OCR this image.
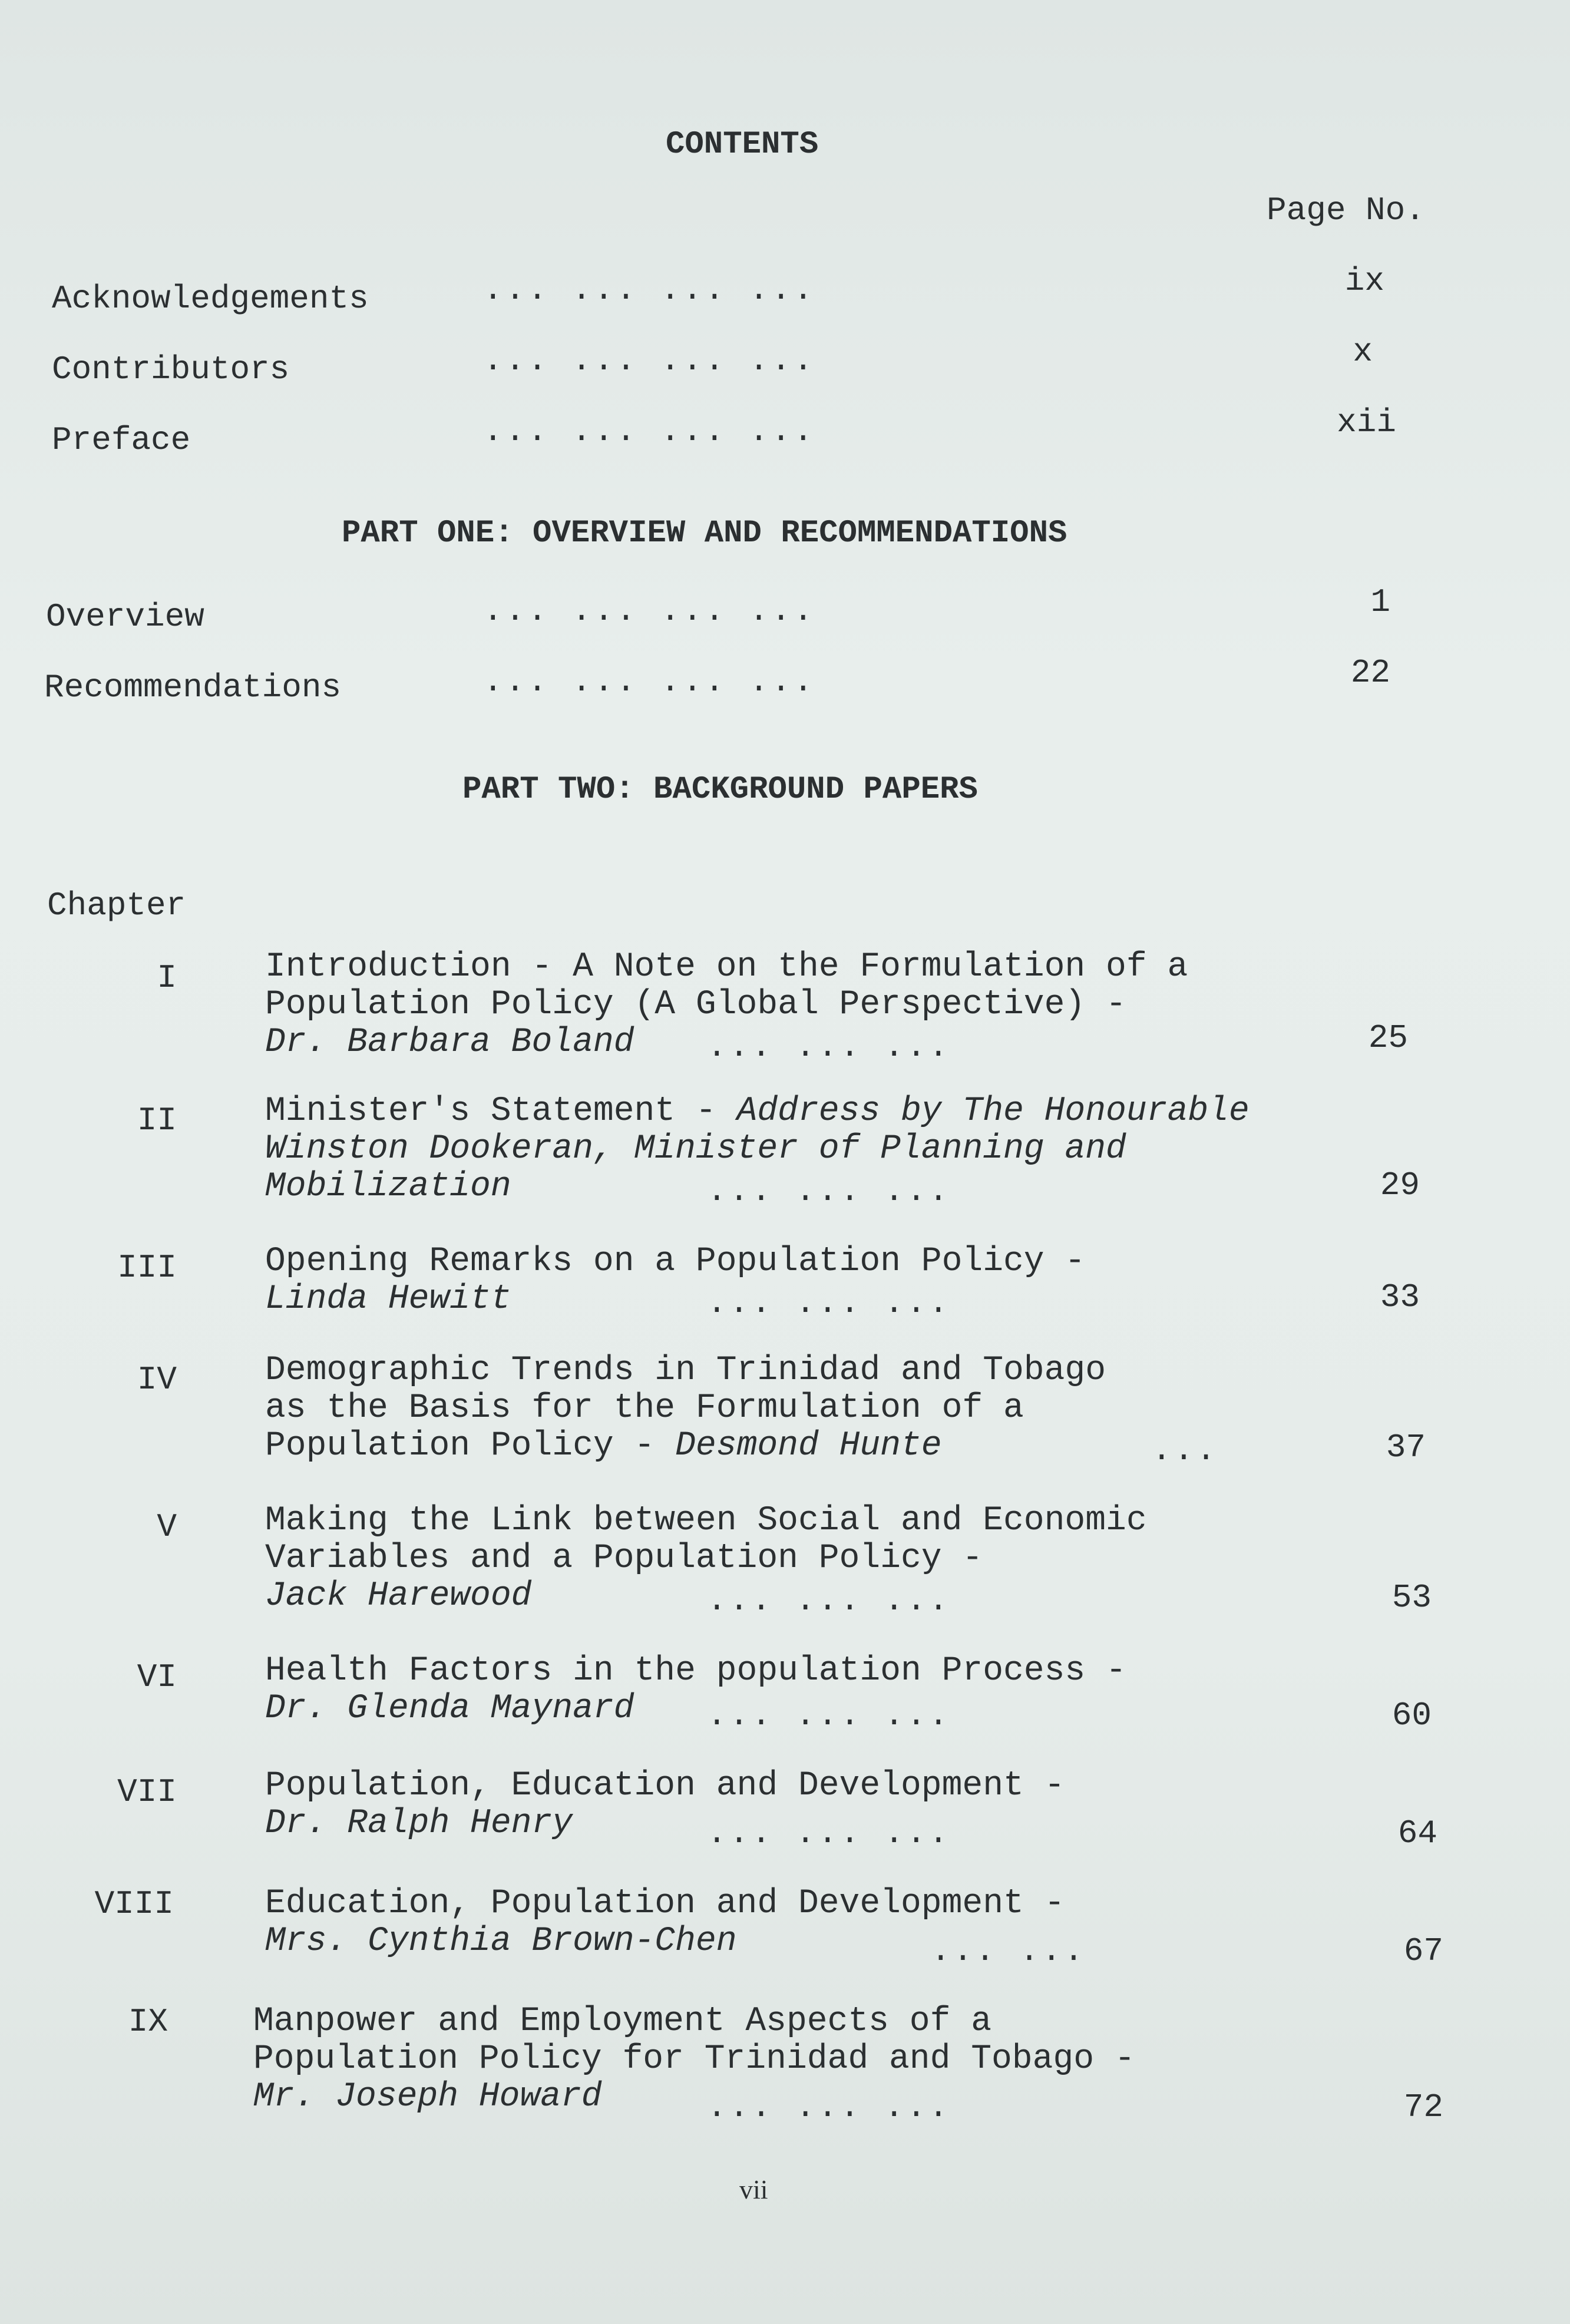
CONTENTS
Page No.
Acknowledgements	... ... ... ...	ix
Contributors	... ... ... ...	x
Preface	... ... ... ...	xii
PART ONE: OVERVIEW AND RECOMMENDATIONS
Overview	... ... ... ...	1
Recommendations	... ... ... ...	22
PART TWO: BACKGROUND PAPERS
Chapter
I	Introduction - A Note on the Formulation of a
Population Policy (A Global Perspective) -
Dr. Barbara Boland	... ... ...	25
II	Minister's Statement - Address by The Honourable
Winston Dookeran, Minister of Planning and
Mobilization	... ... ...	29
III	Opening Remarks on a Population Policy -
Linda Hewitt	... ... ...	33
IV	Demographic Trends in Trinidad and Tobago
as the Basis for the Formulation of a
Population Policy - Desmond Hunte	...	37
V	Making the Link between Social and Economic
Variables and a Population Policy -
Jack Harewood	... ... ...	53
VI	Health Factors in the population Process -
Dr. Glenda Maynard	... ... ...	60
VII	Population, Education and Development -
Dr. Ralph Henry	... ... ...	64
VIII	Education, Population and Development -
Mrs. Cynthia Brown-Chen	... ...	67
IX	Manpower and Employment Aspects of a
Population Policy for Trinidad and Tobago -
Mr. Joseph Howard	... ... ...	72
vii
